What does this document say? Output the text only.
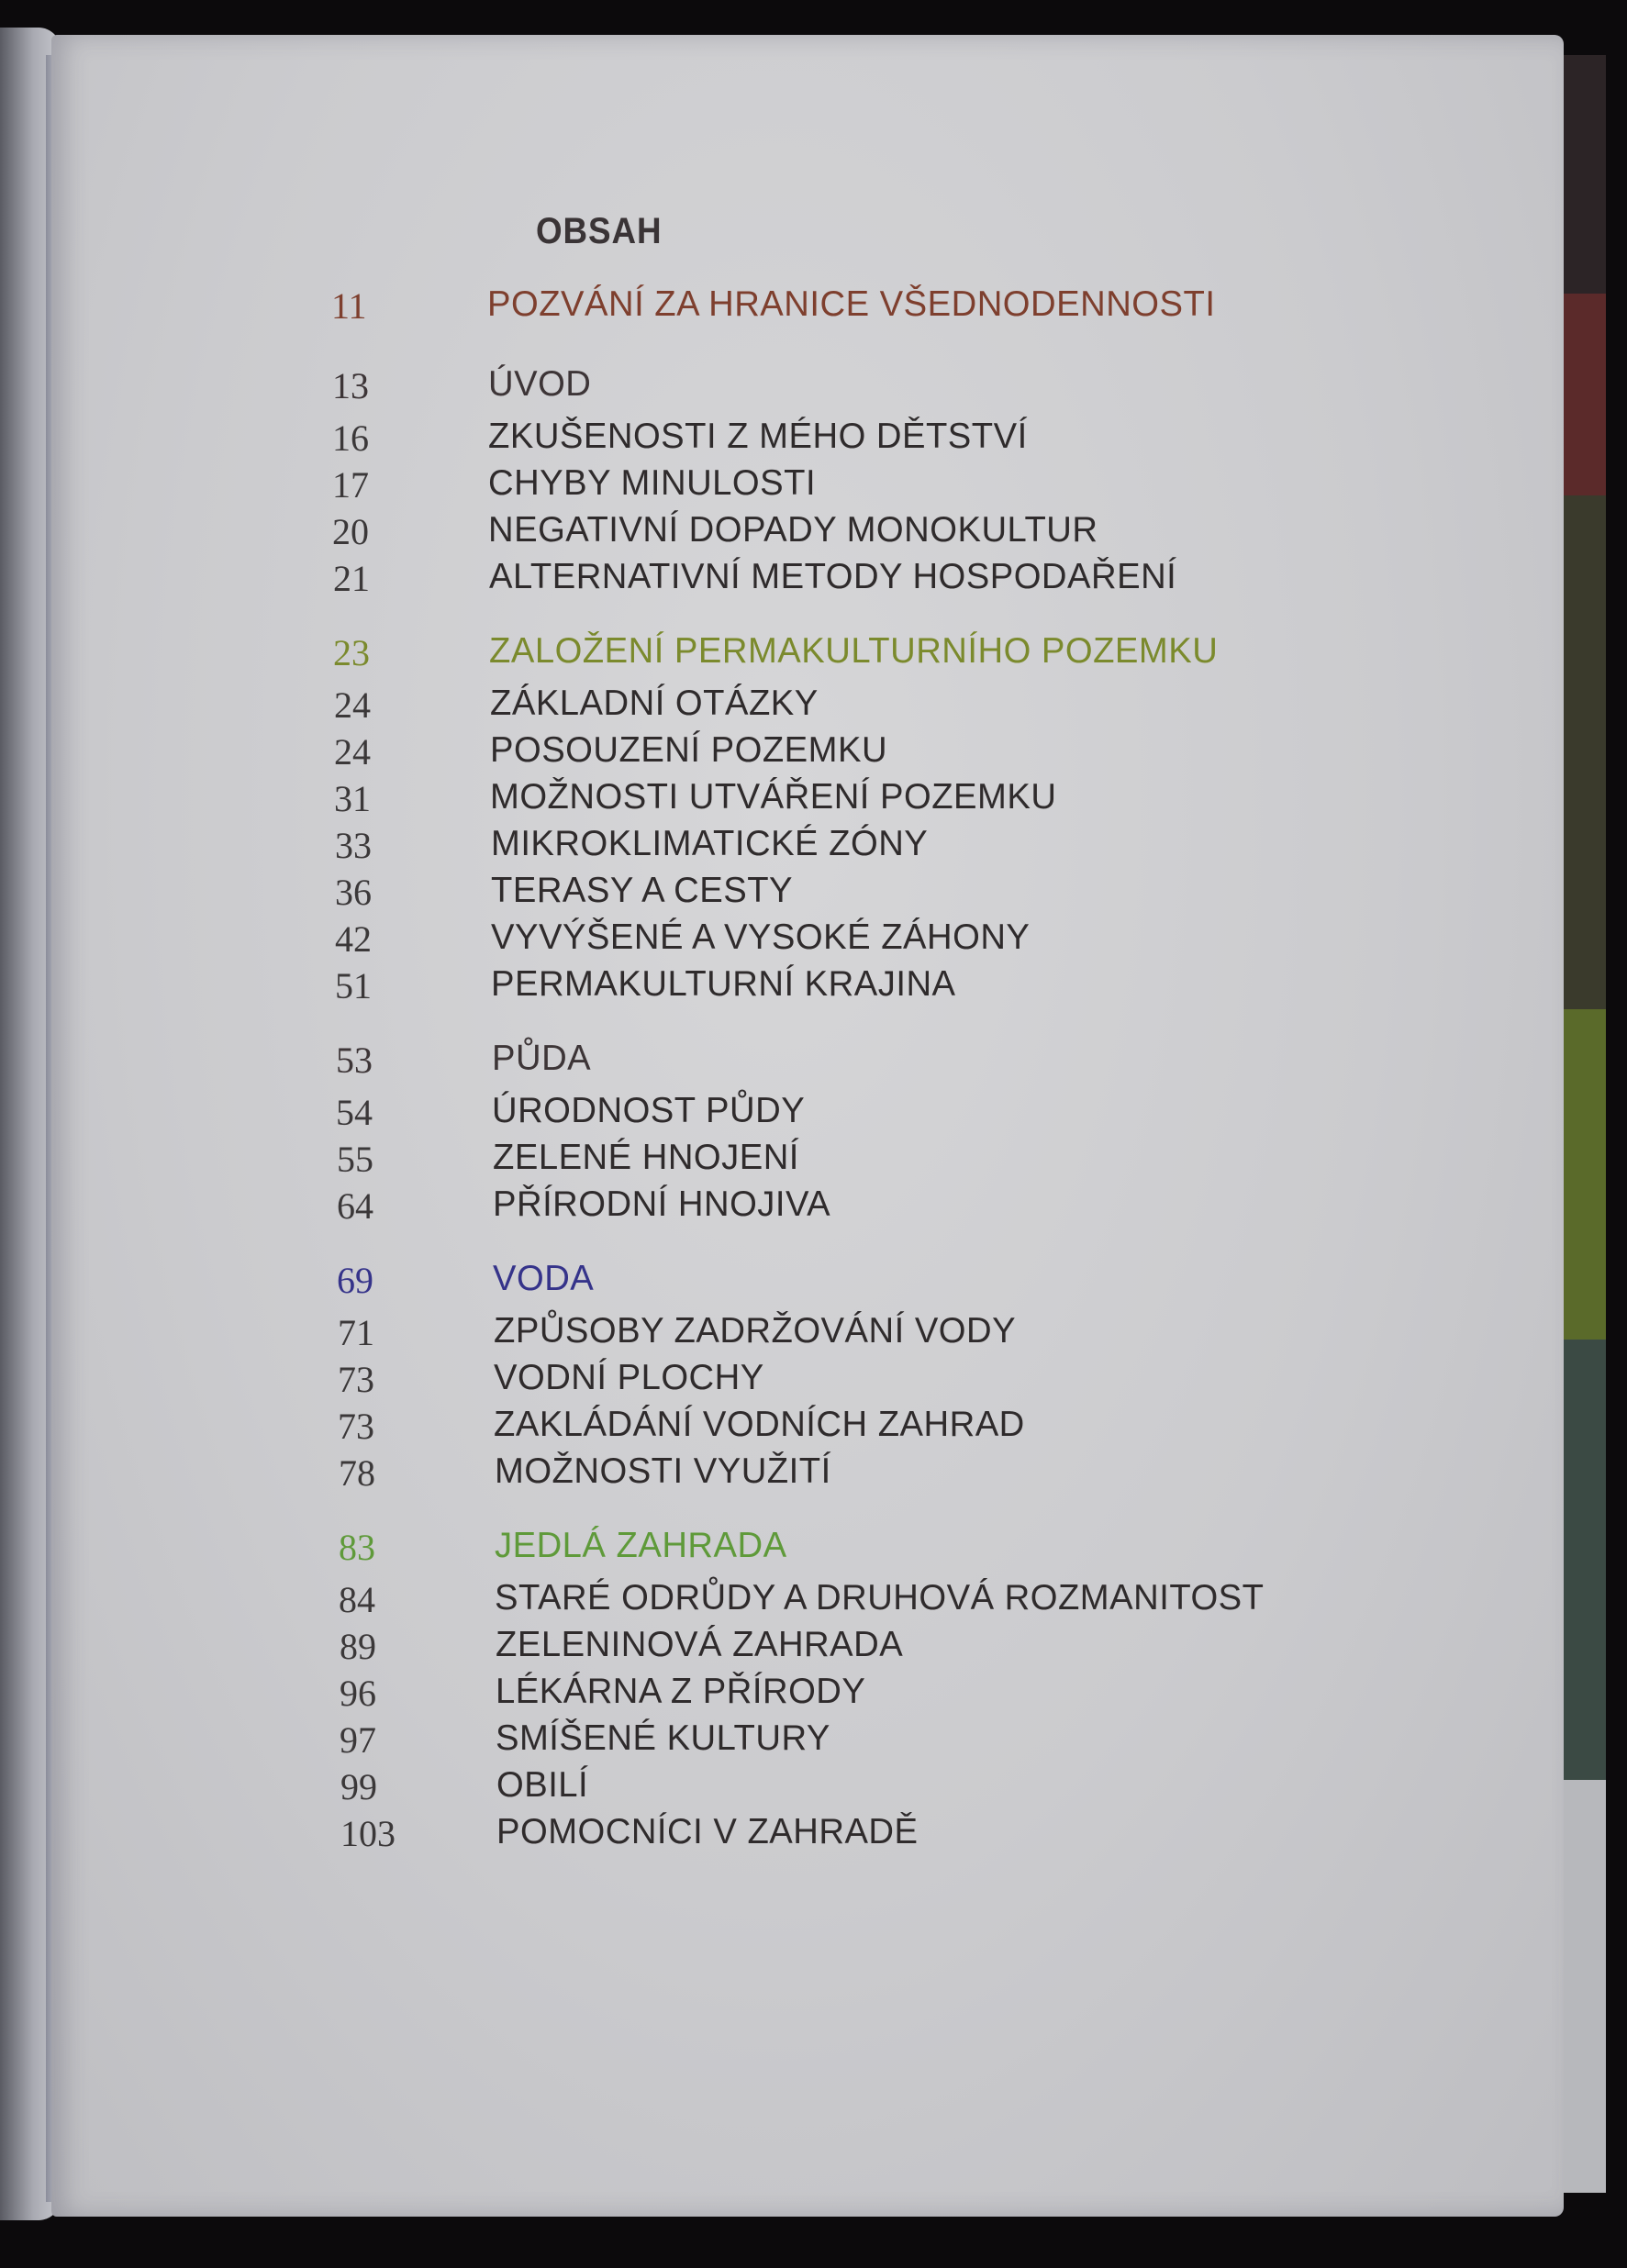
OBSAH
11	POZVÁNÍ ZA HRANICE VŠEDNODENNOSTI
13	ÚVOD
16	ZKUŠENOSTI Z MÉHO DĚTSTVÍ
17	CHYBY MINULOSTI
20	NEGATIVNÍ DOPADY MONOKULTUR
21	ALTERNATIVNÍ METODY HOSPODAŘENÍ
23	ZALOŽENÍ PERMAKULTURNÍHO POZEMKU
24	ZÁKLADNÍ OTÁZKY
24	POSOUZENÍ POZEMKU
31	MOŽNOSTI UTVÁŘENÍ POZEMKU
33	MIKROKLIMATICKÉ ZÓNY
36	TERASY A CESTY
42	VYVÝŠENÉ A VYSOKÉ ZÁHONY
51	PERMAKULTURNÍ KRAJINA
53	PŮDA
54	ÚRODNOST PŮDY
55	ZELENÉ HNOJENÍ
64	PŘÍRODNÍ HNOJIVA
69	VODA
71	ZPŮSOBY ZADRŽOVÁNÍ VODY
73	VODNÍ PLOCHY
73	ZAKLÁDÁNÍ VODNÍCH ZAHRAD
78	MOŽNOSTI VYUŽITÍ
83	JEDLÁ ZAHRADA
84	STARÉ ODRŮDY A DRUHOVÁ ROZMANITOST
89	ZELENINOVÁ ZAHRADA
96	LÉKÁRNA Z PŘÍRODY
97	SMÍŠENÉ KULTURY
99	OBILÍ
103	POMOCNÍCI V ZAHRADĚ
